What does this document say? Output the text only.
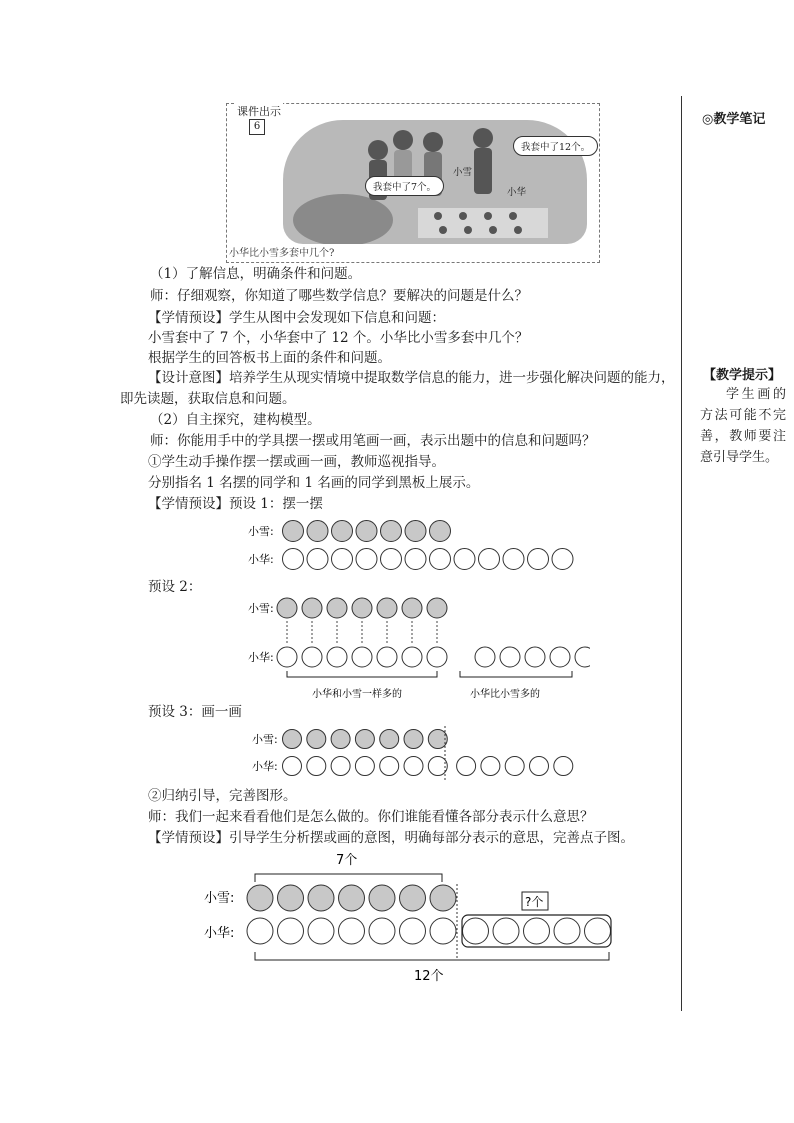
◎教学笔记
【教学提示】
学生画的方法可能不完善，教师要注意引导学生。
课件出示
6
我套中了7个。
我套中了12个。
小雪
小华
小华比小雪多套中几个?
（1）了解信息，明确条件和问题。
师：仔细观察，你知道了哪些数学信息？要解决的问题是什么？
【学情预设】学生从图中会发现如下信息和问题：
小雪套中了 7 个，小华套中了 12 个。小华比小雪多套中几个？
根据学生的回答板书上面的条件和问题。
【设计意图】培养学生从现实情境中提取数学信息的能力，进一步强化解决问题的能力，
即先读题，获取信息和问题。
（2）自主探究，建构模型。
师：你能用手中的学具摆一摆或用笔画一画，表示出题中的信息和问题吗？
①学生动手操作摆一摆或画一画，教师巡视指导。
分别指名 1 名摆的同学和 1 名画的同学到黑板上展示。
【学情预设】预设 1：摆一摆
预设 2：
预设 3：画一画
②归纳引导，完善图形。
师：我们一起来看看他们是怎么做的。你们谁能看懂各部分表示什么意思？
【学情预设】引导学生分析摆或画的意图，明确每部分表示的意思，完善点子图。
小雪:
小华:
小雪:
小华:
小华和小雪一样多的	小华比小雪多的
小雪:
小华:
7个
小雪:
小华:
?个
12个
